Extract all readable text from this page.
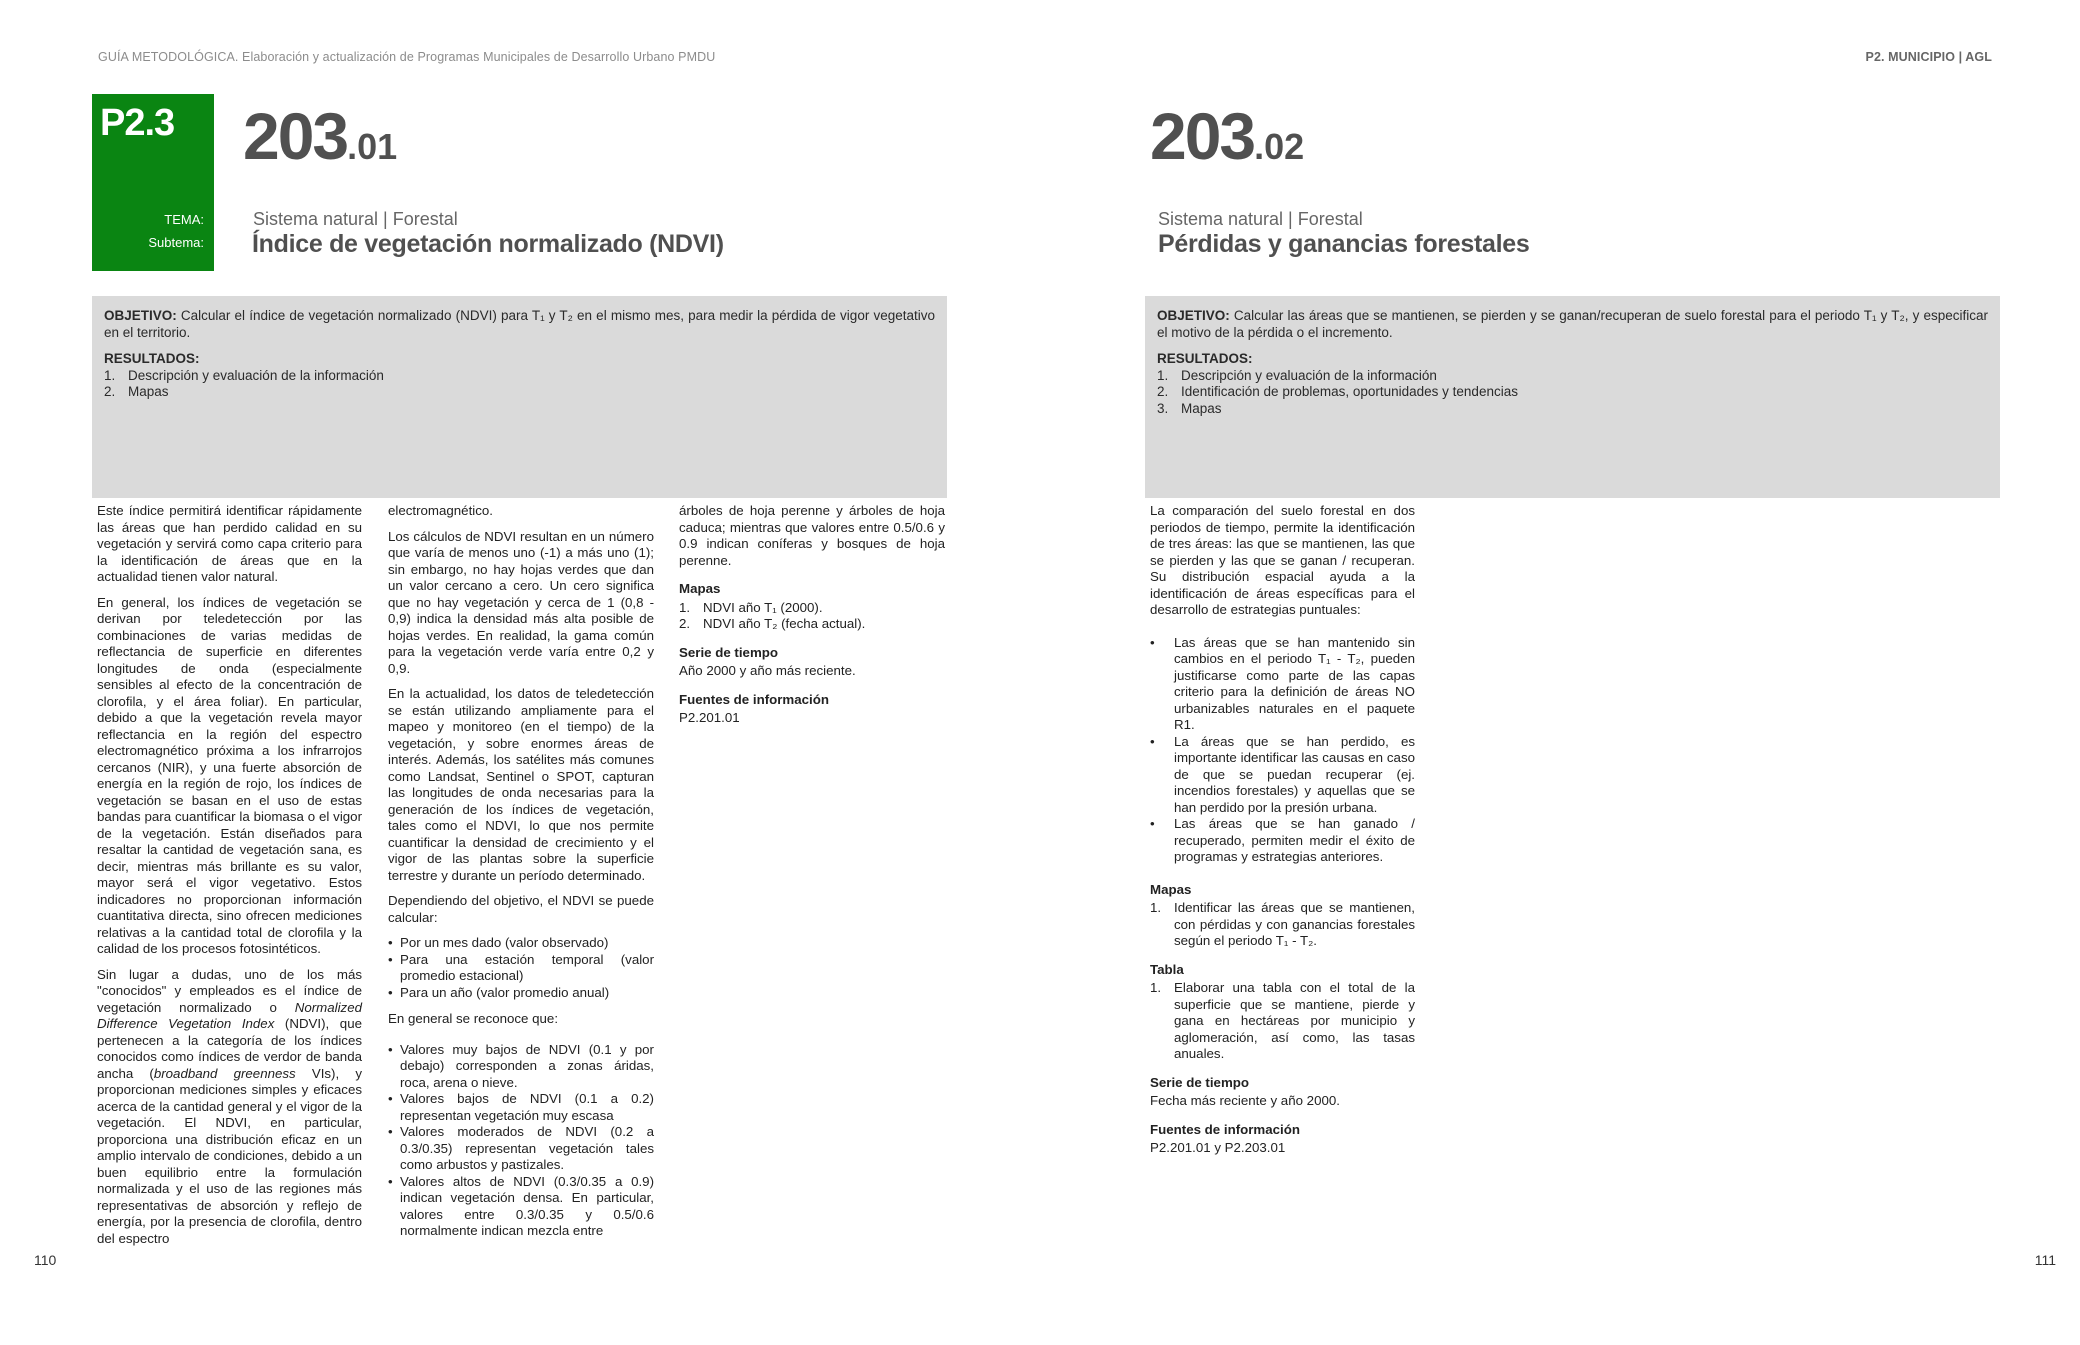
GUÍA METODOLÓGICA. Elaboración y actualización de Programas Municipales de Desarrollo Urbano PMDU	P2. MUNICIPIO | AGL
P2.3
TEMA:
Subtema:
203.01
Sistema natural | Forestal
Índice de vegetación normalizado (NDVI)
203.02
Sistema natural | Forestal
Pérdidas y ganancias forestales
OBJETIVO: Calcular el índice de vegetación normalizado (NDVI) para T₁ y T₂ en el mismo mes, para medir la pérdida de vigor vegetativo en el territorio.
RESULTADOS:
1. Descripción y evaluación de la información
2. Mapas
OBJETIVO: Calcular las áreas que se mantienen, se pierden y se ganan/recuperan de suelo forestal para el periodo T₁ y T₂, y especificar el motivo de la pérdida o el incremento.
RESULTADOS:
1. Descripción y evaluación de la información
2. Identificación de problemas, oportunidades y tendencias
3. Mapas

Este índice permitirá identificar rápidamente las áreas que han perdido calidad en su vegetación y servirá como capa criterio para la identificación de áreas que en la actualidad tienen valor natural.

En general, los índices de vegetación se derivan por teledetección por las combinaciones de varias medidas de reflectancia de superficie en diferentes longitudes de onda (especialmente sensibles al efecto de la concentración de clorofila, y el área foliar). En particular, debido a que la vegetación revela mayor reflectancia en la región del espectro electromagnético próxima a los infrarrojos cercanos (NIR), y una fuerte absorción de energía en la región de rojo, los índices de vegetación se basan en el uso de estas bandas para cuantificar la biomasa o el vigor de la vegetación. Están diseñados para resaltar la cantidad de vegetación sana, es decir, mientras más brillante es su valor, mayor será el vigor vegetativo. Estos indicadores no proporcionan información cuantitativa directa, sino ofrecen mediciones relativas a la cantidad total de clorofila y la calidad de los procesos fotosintéticos.

Sin lugar a dudas, uno de los más "conocidos" y empleados es el índice de vegetación normalizado o Normalized Difference Vegetation Index (NDVI), que pertenecen a la categoría de los índices conocidos como índices de verdor de banda ancha (broadband greenness VIs), y proporcionan mediciones simples y eficaces acerca de la cantidad general y el vigor de la vegetación. El NDVI, en particular, proporciona una distribución eficaz en un amplio intervalo de condiciones, debido a un buen equilibrio entre la formulación normalizada y el uso de las regiones más representativas de absorción y reflejo de energía, por la presencia de clorofila, dentro del espectro

electromagnético.

Los cálculos de NDVI resultan en un número que varía de menos uno (-1) a más uno (1); sin embargo, no hay hojas verdes que dan un valor cercano a cero. Un cero significa que no hay vegetación y cerca de 1 (0,8 - 0,9) indica la densidad más alta posible de hojas verdes. En realidad, la gama común para la vegetación verde varía entre 0,2 y 0,9.

En la actualidad, los datos de teledetección se están utilizando ampliamente para el mapeo y monitoreo (en el tiempo) de la vegetación, y sobre enormes áreas de interés. Además, los satélites más comunes como Landsat, Sentinel o SPOT, capturan las longitudes de onda necesarias para la generación de los índices de vegetación, tales como el NDVI, lo que nos permite cuantificar la densidad de crecimiento y el vigor de las plantas sobre la superficie terrestre y durante un período determinado.

Dependiendo del objetivo, el NDVI se puede calcular:

• Por un mes dado (valor observado)
• Para una estación temporal (valor promedio estacional)
• Para un año (valor promedio anual)

En general se reconoce que:

• Valores muy bajos de NDVI (0.1 y por debajo) corresponden a zonas áridas, roca, arena o nieve.
• Valores bajos de NDVI (0.1 a 0.2) representan vegetación muy escasa
• Valores moderados de NDVI (0.2 a 0.3/0.35) representan vegetación tales como arbustos y pastizales.
• Valores altos de NDVI (0.3/0.35 a 0.9) indican vegetación densa. En particular, valores entre 0.3/0.35 y 0.5/0.6 normalmente indican mezcla entre

árboles de hoja perenne y árboles de hoja caduca; mientras que valores entre 0.5/0.6 y 0.9 indican coníferas y bosques de hoja perenne.

Mapas
1. NDVI año T₁ (2000).
2. NDVI año T₂ (fecha actual).
Serie de tiempo

Año 2000 y año más reciente.

Fuentes de información

P2.201.01

La comparación del suelo forestal en dos periodos de tiempo, permite la identificación de tres áreas: las que se mantienen, las que se pierden y las que se ganan / recuperan. Su distribución espacial ayuda a la identificación de áreas específicas para el desarrollo de estrategias puntuales:

• Las áreas que se han mantenido sin cambios en el periodo T₁ - T₂, pueden justificarse como parte de las capas criterio para la definición de áreas NO urbanizables naturales en el paquete R1.
• La áreas que se han perdido, es importante identificar las causas en caso de que se puedan recuperar (ej. incendios forestales) y aquellas que se han perdido por la presión urbana.
• Las áreas que se han ganado / recuperado, permiten medir el éxito de programas y estrategias anteriores.
Mapas
1. Identificar las áreas que se mantienen, con pérdidas y con ganancias forestales según el periodo T₁ - T₂.
Tabla
1. Elaborar una tabla con el total de la superficie que se mantiene, pierde y gana en hectáreas por municipio y aglomeración, así como, las tasas anuales.
Serie de tiempo

Fecha más reciente y año 2000.

Fuentes de información

P2.201.01 y P2.203.01

110	111
